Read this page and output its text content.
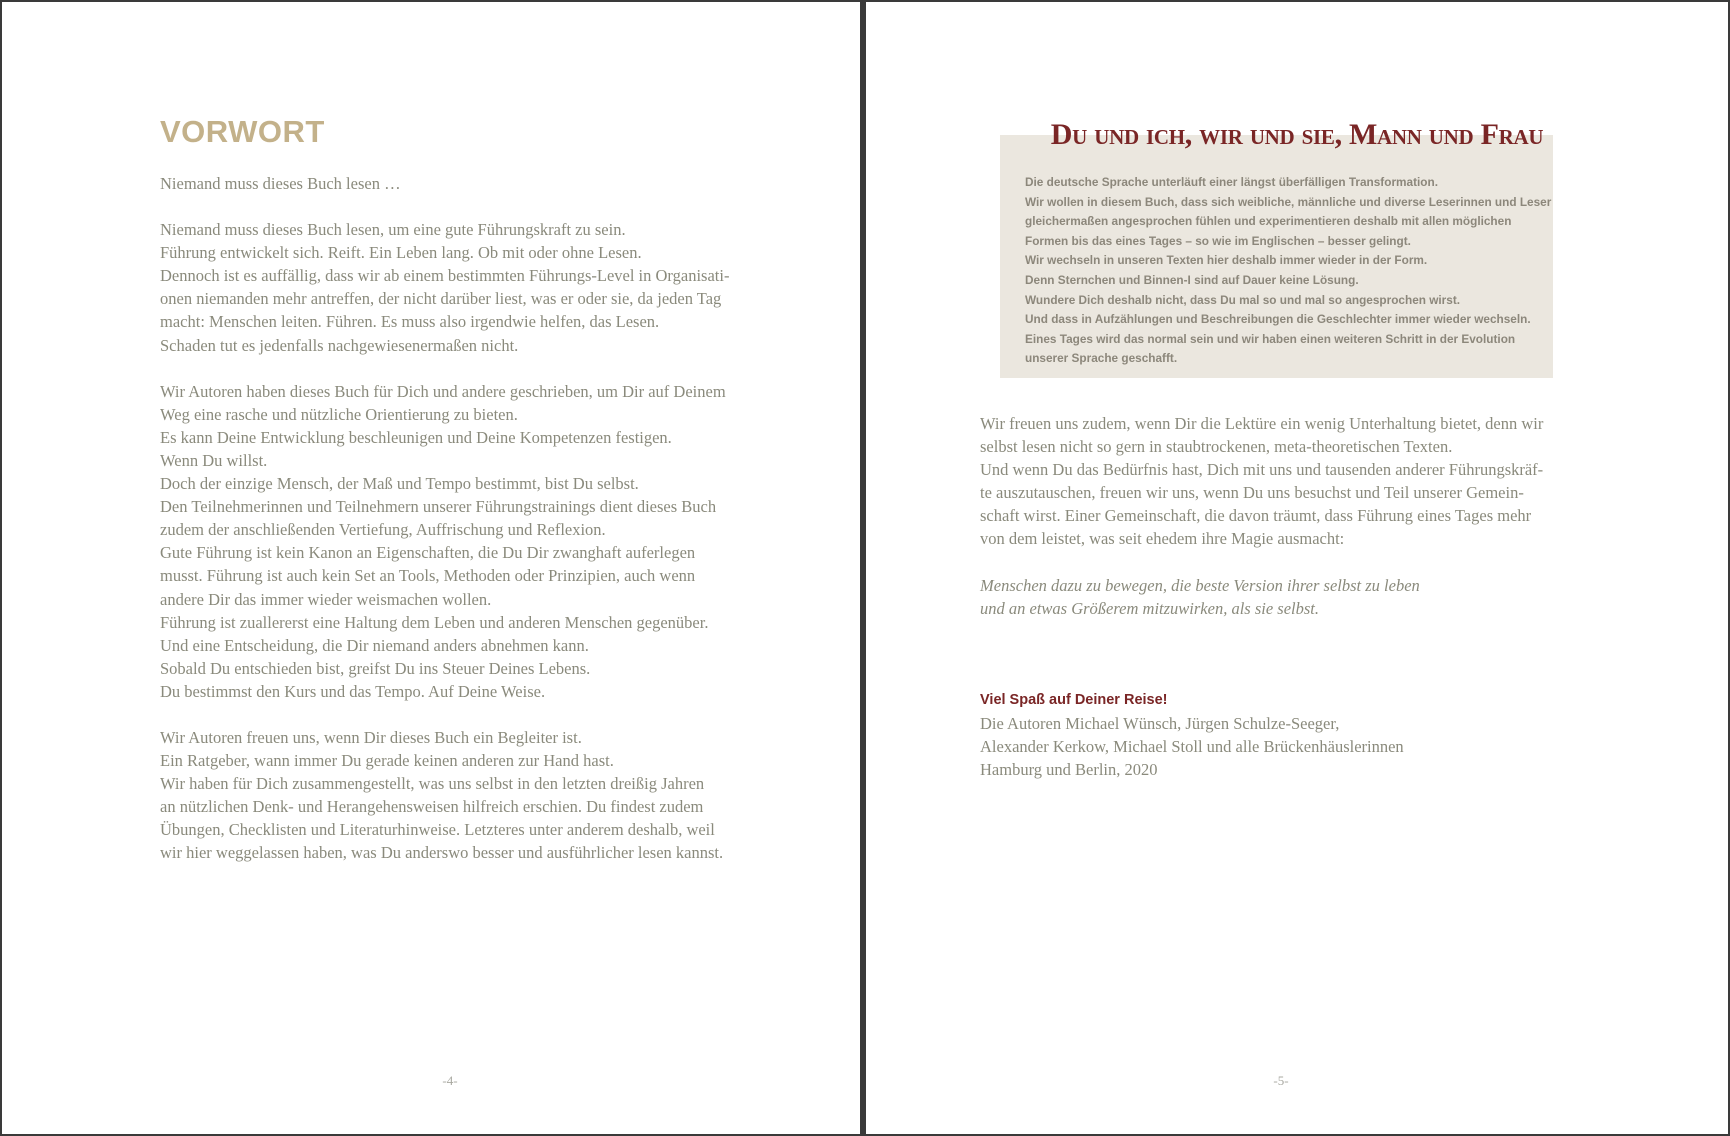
VORWORT

Niemand muss dieses Buch lesen …

Niemand muss dieses Buch lesen, um eine gute Führungskraft zu sein.

Führung entwickelt sich. Reift. Ein Leben lang. Ob mit oder ohne Lesen.

Dennoch ist es auffällig, dass wir ab einem bestimmten Führungs-Level in Organisati-

onen niemanden mehr antreffen, der nicht darüber liest, was er oder sie, da jeden Tag

macht: Menschen leiten. Führen. Es muss also irgendwie helfen, das Lesen.

Schaden tut es jedenfalls nachgewiesenermaßen nicht.

Wir Autoren haben dieses Buch für Dich und andere geschrieben, um Dir auf Deinem

Weg eine rasche und nützliche Orientierung zu bieten.

Es kann Deine Entwicklung beschleunigen und Deine Kompetenzen festigen.

Wenn Du willst.

Doch der einzige Mensch, der Maß und Tempo bestimmt, bist Du selbst.

Den Teilnehmerinnen und Teilnehmern unserer Führungstrainings dient dieses Buch

zudem der anschließenden Vertiefung, Auffrischung und Reflexion.

Gute Führung ist kein Kanon an Eigenschaften, die Du Dir zwanghaft auferlegen

musst. Führung ist auch kein Set an Tools, Methoden oder Prinzipien, auch wenn

andere Dir das immer wieder weismachen wollen.

Führung ist zuallererst eine Haltung dem Leben und anderen Menschen gegenüber.

Und eine Entscheidung, die Dir niemand anders abnehmen kann.

Sobald Du entschieden bist, greifst Du ins Steuer Deines Lebens.

Du bestimmst den Kurs und das Tempo. Auf Deine Weise.

Wir Autoren freuen uns, wenn Dir dieses Buch ein Begleiter ist.

Ein Ratgeber, wann immer Du gerade keinen anderen zur Hand hast.

Wir haben für Dich zusammengestellt, was uns selbst in den letzten dreißig Jahren

an nützlichen Denk- und Herangehensweisen hilfreich erschien. Du findest zudem

Übungen, Checklisten und Literaturhinweise. Letzteres unter anderem deshalb, weil

wir hier weggelassen haben, was Du anderswo besser und ausführlicher lesen kannst.

-4-
Du und ich, wir und sie, Mann und Frau

Die deutsche Sprache unterläuft einer längst überfälligen Transformation.

Wir wollen in diesem Buch, dass sich weibliche, männliche und diverse Leserinnen und Leser

gleichermaßen angesprochen fühlen und experimentieren deshalb mit allen möglichen

Formen bis das eines Tages – so wie im Englischen – besser gelingt.

Wir wechseln in unseren Texten hier deshalb immer wieder in der Form.

Denn Sternchen und Binnen-I sind auf Dauer keine Lösung.

Wundere Dich deshalb nicht, dass Du mal so und mal so angesprochen wirst.

Und dass in Aufzählungen und Beschreibungen die Geschlechter immer wieder wechseln.

Eines Tages wird das normal sein und wir haben einen weiteren Schritt in der Evolution

unserer Sprache geschafft.

Wir freuen uns zudem, wenn Dir die Lektüre ein wenig Unterhaltung bietet, denn wir

selbst lesen nicht so gern in staubtrockenen, meta-theoretischen Texten.

Und wenn Du das Bedürfnis hast, Dich mit uns und tausenden anderer Führungskräf-

te auszutauschen, freuen wir uns, wenn Du uns besuchst und Teil unserer Gemein-

schaft wirst. Einer Gemeinschaft, die davon träumt, dass Führung eines Tages mehr

von dem leistet, was seit ehedem ihre Magie ausmacht:

Menschen dazu zu bewegen, die beste Version ihrer selbst zu leben

und an etwas Größerem mitzuwirken, als sie selbst.

Viel Spaß auf Deiner Reise!

Die Autoren Michael Wünsch, Jürgen Schulze-Seeger,

Alexander Kerkow, Michael Stoll und alle Brückenhäuslerinnen

Hamburg und Berlin, 2020

-5-
